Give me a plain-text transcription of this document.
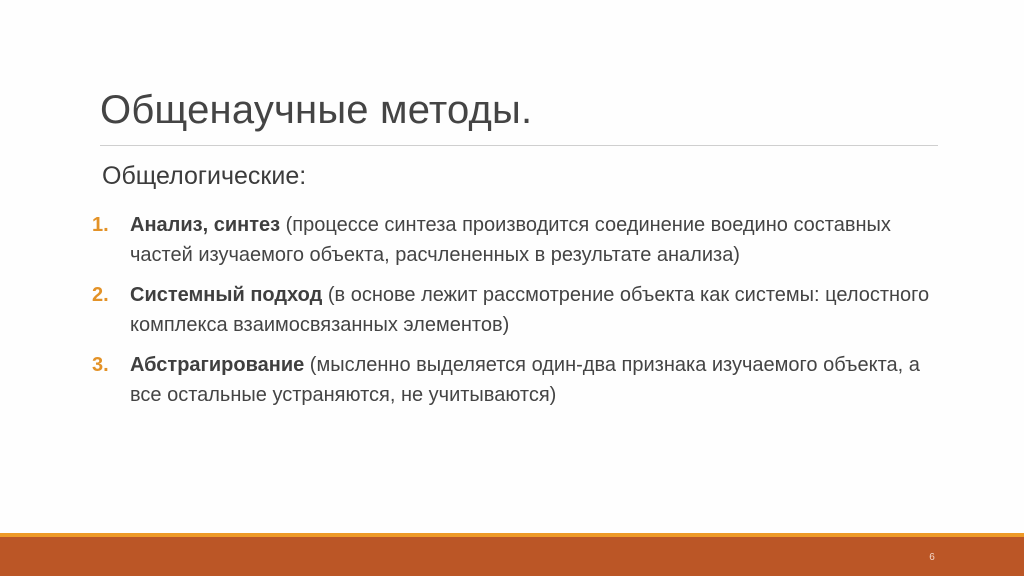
Общенаучные методы.
Общелогические:
1. Анализ, синтез (процессе синтеза производится соединение воедино составных частей изучаемого объекта, расчлененных в результате анализа)
2. Системный подход (в основе лежит рассмотрение объекта как системы: целостного комплекса взаимосвязанных элементов)
3. Абстрагирование (мысленно выделяется один-два признака изучаемого объекта, а все остальные устраняются, не учитываются)
6
